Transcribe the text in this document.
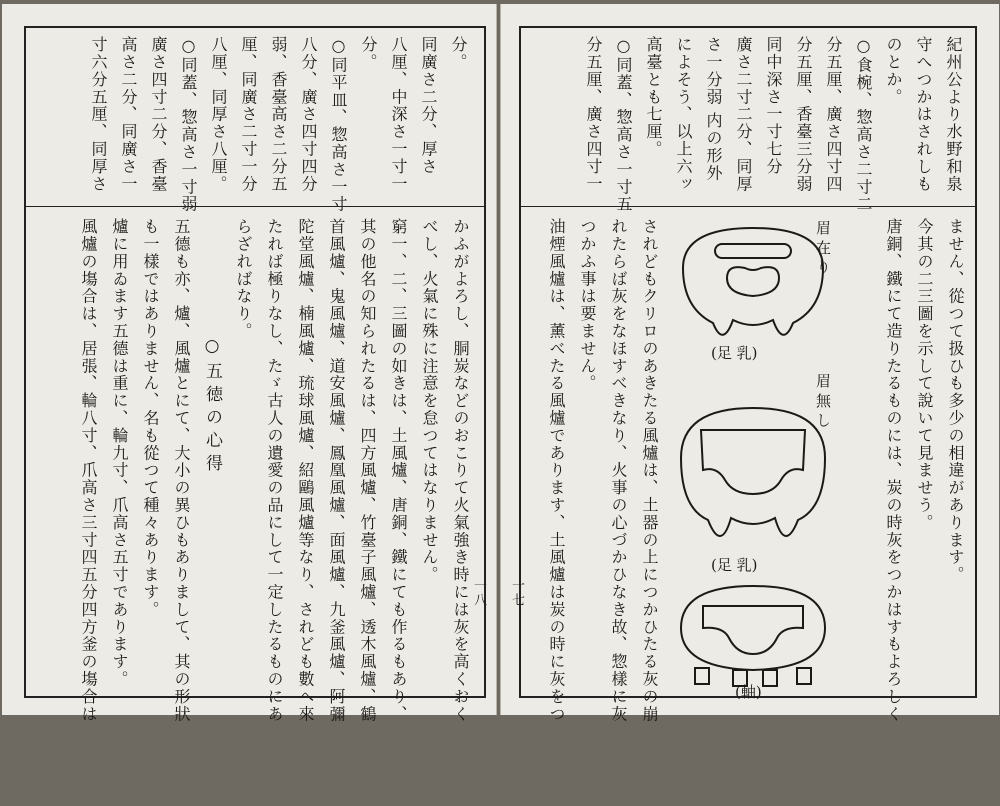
分。
同廣さ二分、厚さ
八厘、中深さ一寸一
分。
○同平皿、惣高さ一寸
八分、廣さ四寸四分
弱、香臺高さ二分五
厘、同廣さ二寸一分
八厘、同厚さ八厘。
○同蓋、惣高さ一寸弱
廣さ四寸二分、香臺
高さ二分、同廣さ一
寸六分五厘、同厚さ
かふがよろし、胴炭などのおこりて火氣強き時には灰を高くおく
べし、火氣に殊に注意を怠つてはなりません。
窮一、二、三圖の如きは、土風爐、唐銅、鐵にても作るもあり、
其の他名の知られたるは、四方風爐、竹臺子風爐、透木風爐、鶴
首風爐、鬼風爐、道安風爐、鳳凰風爐、面風爐、九釜風爐、阿彌
陀堂風爐、楠風爐、琉球風爐、紹鷗風爐等なり、されども數へ來
たれば極りなし、たゞ古人の遺愛の品にして一定したるものにあ
らざればなり。
○五徳の心得
五德も亦、爐、風爐とにて、大小の異ひもありまして、其の形狀
も一樣ではありません、名も從つて種々あります。
爐に用ゐます五德は重に、輪九寸、爪高さ五寸であります。
風爐の塲合は、居張、輪八寸、爪高さ三寸四五分四方釜の塲合は	一八
紀州公より水野和泉
守へつかはされしも
のとか。
○食椀、惣高さ二寸二
分五厘、廣さ四寸四
分五厘、香臺三分弱
同中深さ一寸七分
廣さ二寸二分、同厚
さ一分弱 内の形外
によそう、以上六ッ
高臺とも七厘。
○同蓋、惣高さ一寸五
分五厘、廣さ四寸一
ません、從つて扱ひも多少の相違があります。
今其の二三圖を示して說いて見ませう。
唐銅、鐵にて造りたるものには、炭の時灰をつかはすもよろしく
眉 在 り
(足 乳)
眉 無 し
(足 乳)
(軸)
されどもクリロのあきたる風爐は、土器の上につかひたる灰の崩
れたらば灰をなほすべきなり、火事の心づかひなき故、惣樣に灰
つかふ事は要ません。
油煙風爐は、薰べたる風爐であります、土風爐は炭の時に灰をつ
一七
